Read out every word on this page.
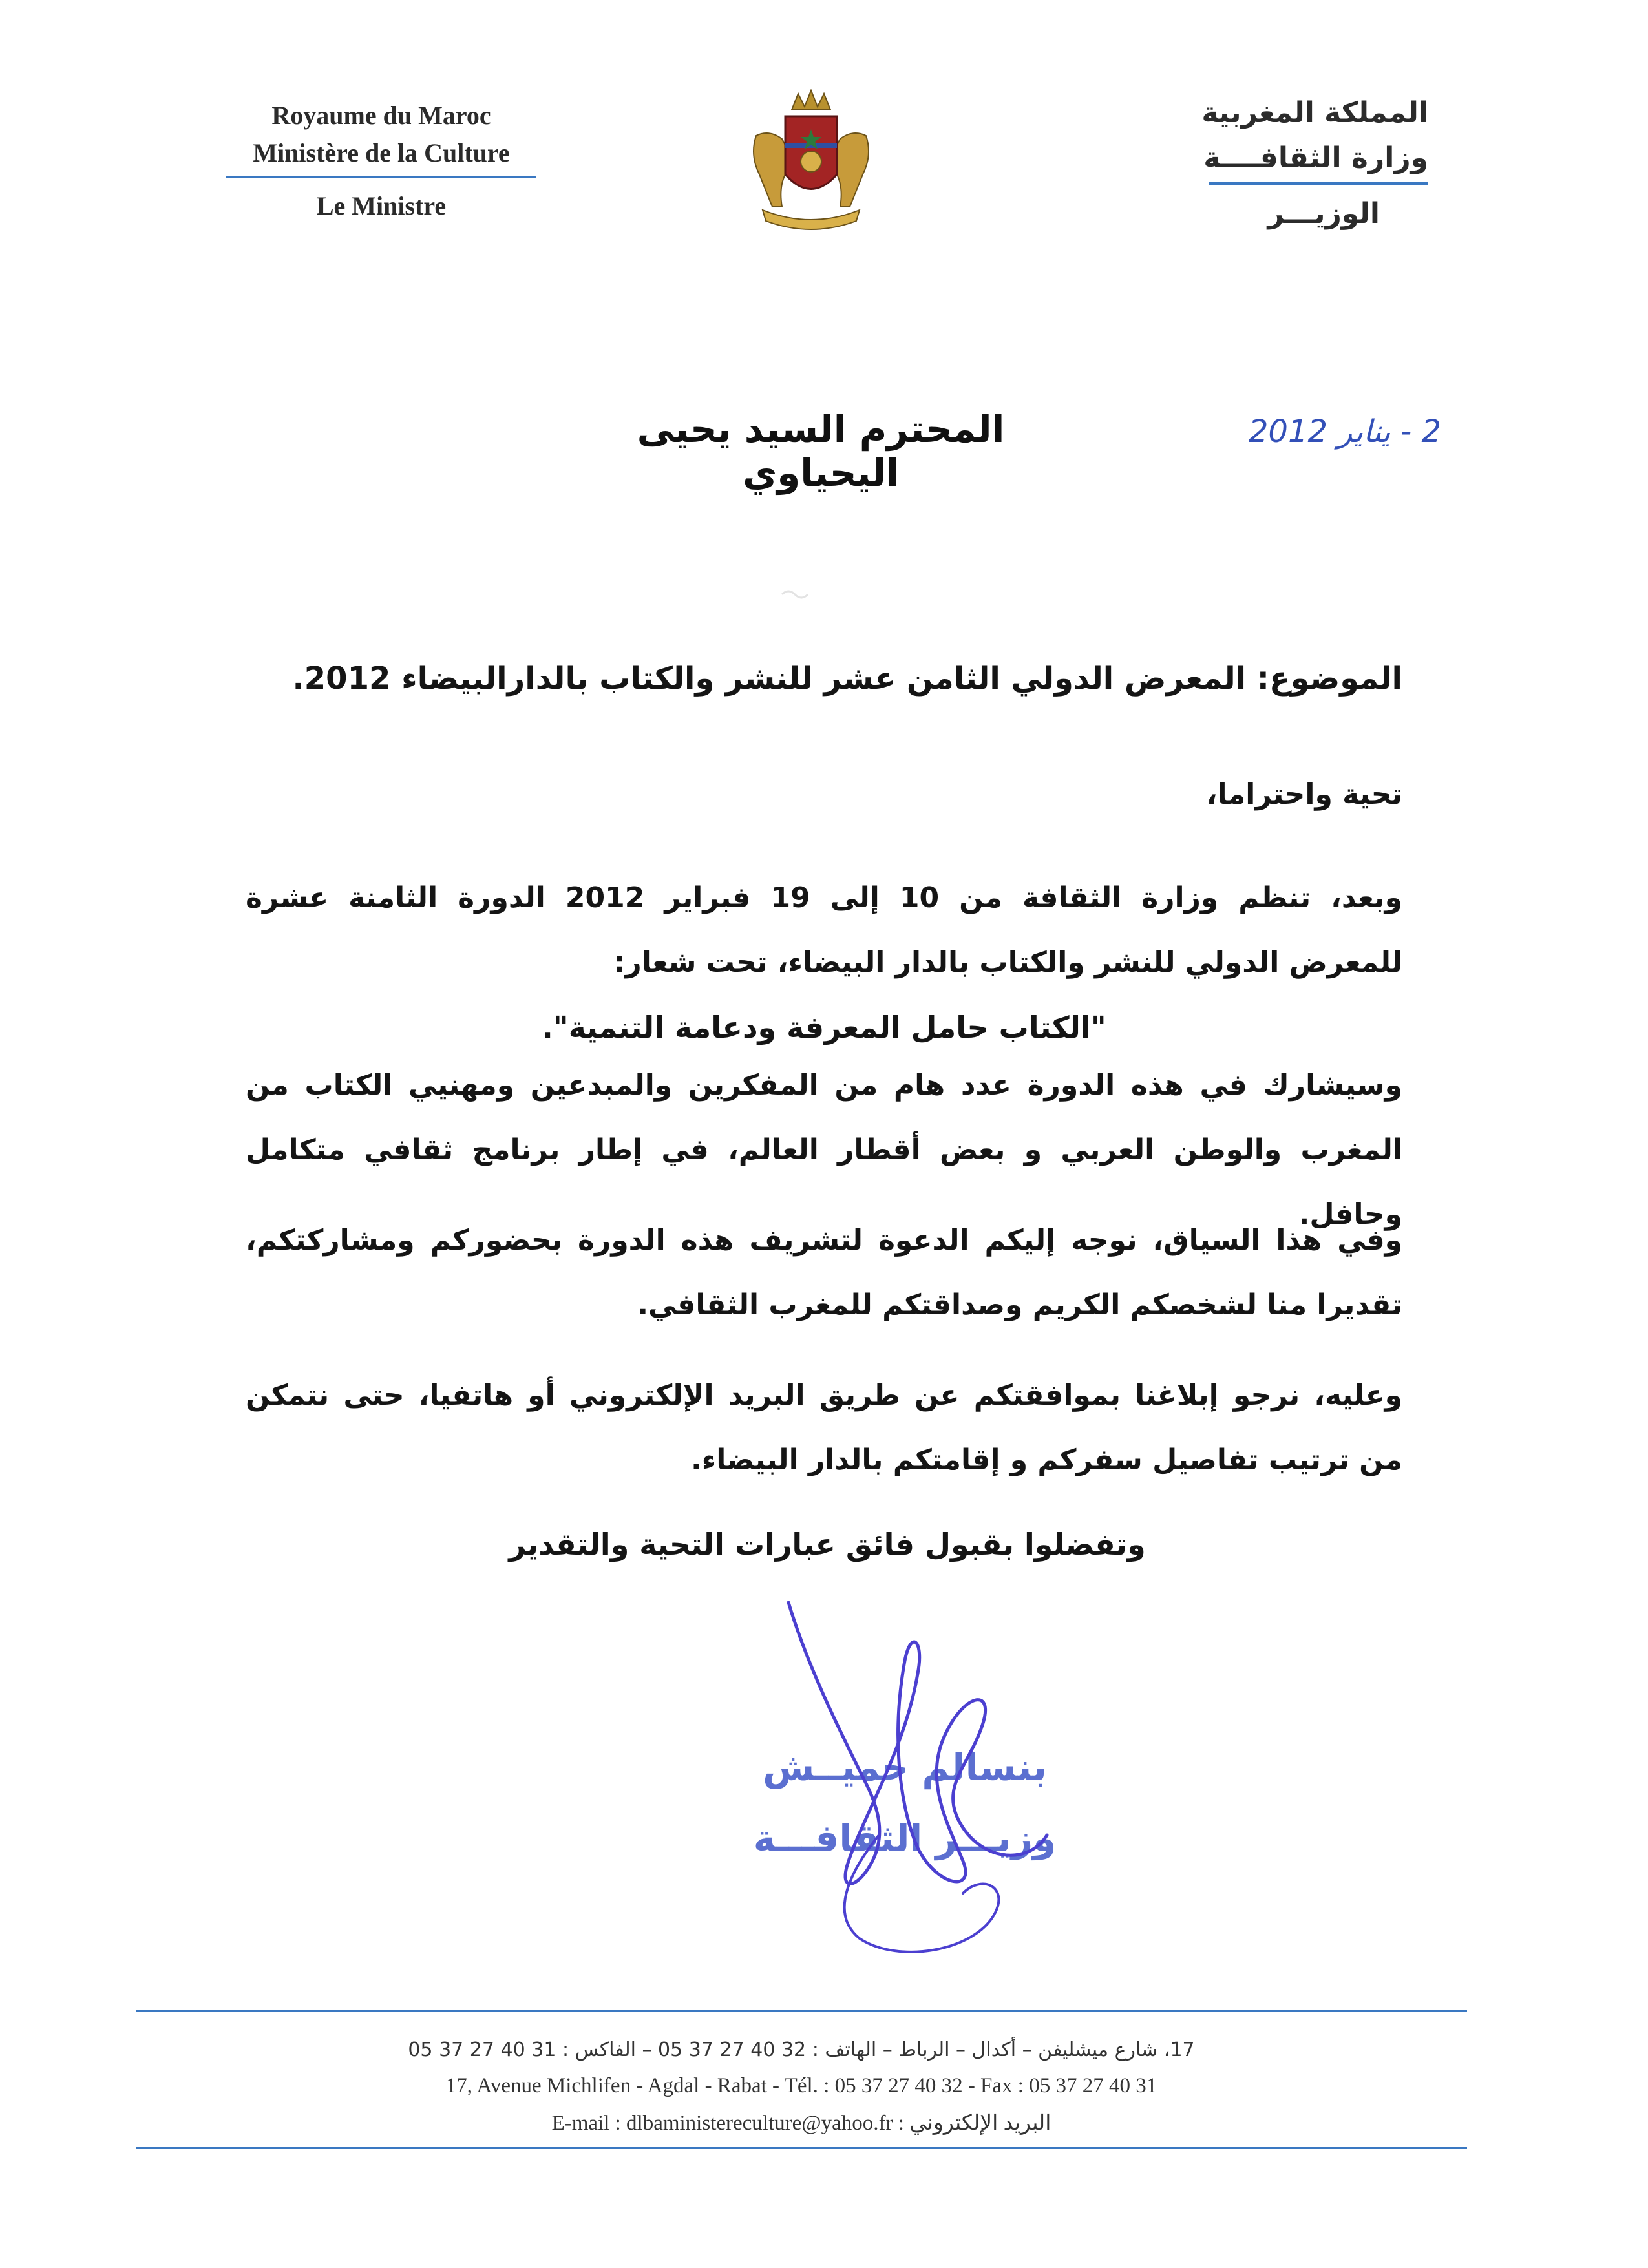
Royaume du Maroc
Ministère de la Culture
Le Ministre
المملكة المغربية
وزارة الثقافــــة
الوزيـــر
2 - يناير 2012
المحترم السيد يحيى اليحياوي
الموضوع: المعرض الدولي الثامن عشر للنشر والكتاب بالدارالبيضاء 2012.
تحية واحتراما،
وبعد، تنظم وزارة الثقافة من 10 إلى 19 فبراير 2012 الدورة الثامنة عشرة للمعرض الدولي للنشر والكتاب بالدار البيضاء، تحت شعار:
"الكتاب حامل المعرفة ودعامة التنمية".
وسيشارك في هذه الدورة عدد هام من المفكرين والمبدعين ومهنيي الكتاب من المغرب والوطن العربي و بعض أقطار العالم، في إطار برنامج ثقافي متكامل وحافل.
وفي هذا السياق، نوجه إليكم الدعوة لتشريف هذه الدورة بحضوركم ومشاركتكم، تقديرا منا لشخصكم الكريم وصداقتكم للمغرب الثقافي.
وعليه، نرجو إبلاغنا بموافقتكم عن طريق البريد الإلكتروني أو هاتفيا، حتى نتمكن من ترتيب تفاصيل سفركم و إقامتكم بالدار البيضاء.
وتفضلوا بقبول فائق عبارات التحية والتقدير
بنسالم حميــش
وزيـــر الثقافـــة
17، شارع ميشليفن – أكدال – الرباط – الهاتف : 32 40 27 37 05 – الفاكس : 31 40 27 37 05
17, Avenue Michlifen - Agdal - Rabat - Tél. : 05 37 27 40 32 - Fax : 05 37 27 40 31
E-mail : dlbaministereculture@yahoo.fr : البريد الإلكتروني
